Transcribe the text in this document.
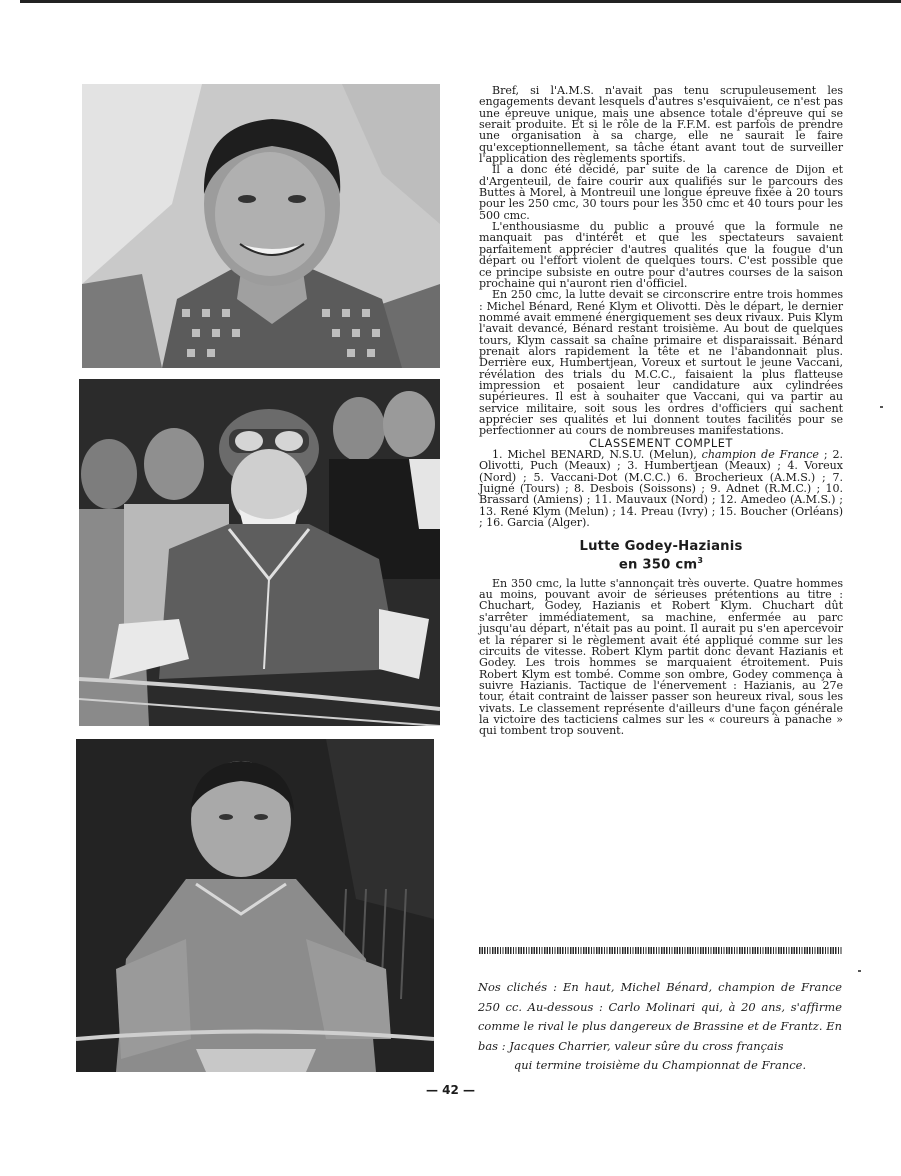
Bref, si l'A.M.S. n'avait pas tenu scrupuleusement les engagements devant lesquels d'autres s'esquivaient, ce n'est pas une épreuve unique, mais une absence totale d'épreuve qui se serait produite. Et si le rôle de la F.F.M. est parfois de prendre une organisation à sa charge, elle ne saurait le faire qu'exceptionnellement, sa tâche étant avant tout de surveiller l'application des règlements sportifs.

Il a donc été décidé, par suite de la carence de Dijon et d'Argenteuil, de faire courir aux qualifiés sur le parcours des Buttes à Morel, à Montreuil une longue épreuve fixée à 20 tours pour les 250 cmc, 30 tours pour les 350 cmc et 40 tours pour les 500 cmc.

L'enthousiasme du public a prouvé que la formule ne manquait pas d'intérêt et que les spectateurs savaient parfaitement apprécier d'autres qualités que la fougue d'un départ ou l'effort violent de quelques tours. C'est possible que ce principe subsiste en outre pour d'autres courses de la saison prochaine qui n'auront rien d'officiel.

En 250 cmc, la lutte devait se circonscrire entre trois hommes : Michel Bénard, René Klym et Olivotti. Dès le départ, le dernier nommé avait emmené énergiquement ses deux rivaux. Puis Klym l'avait devancé, Bénard restant troisième. Au bout de quelques tours, Klym cassait sa chaîne primaire et disparaissait. Bénard prenait alors rapidement la tête et ne l'abandonnait plus. Derrière eux, Humbertjean, Voreux et surtout le jeune Vaccani, révélation des trials du M.C.C., faisaient la plus flatteuse impression et posaient leur candidature aux cylindrées supérieures. Il est à souhaiter que Vaccani, qui va partir au service militaire, soit sous les ordres d'officiers qui sachent apprécier ses qualités et lui donnent toutes facilités pour se perfectionner au cours de nombreuses manifestations.

CLASSEMENT COMPLET

1. Michel BENARD, N.S.U. (Melun), champion de France ; 2. Olivotti, Puch (Meaux) ; 3. Humbertjean (Meaux) ; 4. Voreux (Nord) ; 5. Vaccani-Dot (M.C.C.) 6. Brocherieux (A.M.S.) ; 7. Juigné (Tours) ; 8. Desbois (Soissons) ; 9. Adnet (R.M.C.) ; 10. Brassard (Amiens) ; 11. Mauvaux (Nord) ; 12. Amedeo (A.M.S.) ; 13. René Klym (Melun) ; 14. Preau (Ivry) ; 15. Boucher (Orléans) ; 16. Garcia (Alger).

Lutte Godey-Hazianis
en 350 $cm^3$

En 350 cmc, la lutte s'annonçait très ouverte. Quatre hommes au moins, pouvant avoir de sérieuses prétentions au titre : Chuchart, Godey, Hazianis et Robert Klym. Chuchart dût s'arrêter immédiatement, sa machine, enfermée au parc jusqu'au départ, n'était pas au point. Il aurait pu s'en apercevoir et la réparer si le règlement avait été appliqué comme sur les circuits de vitesse. Robert Klym partit donc devant Hazianis et Godey. Les trois hommes se marquaient étroitement. Puis Robert Klym est tombé. Comme son ombre, Godey commença à suivre Hazianis. Tactique de l'énervement : Hazianis, au 27e tour, était contraint de laisser passer son heureux rival, sous les vivats. Le classement représente d'ailleurs d'une façon générale la victoire des tacticiens calmes sur les « coureurs à panache » qui tombent trop souvent.

Nos clichés : En haut, Michel Bénard, champion de France 250 cc. Au-dessous : Carlo Molinari qui, à 20 ans, s'affirme comme le rival le plus dangereux de Brassine et de Frantz. En bas : Jacques Charrier, valeur sûre du cross français
qui termine troisième du Championnat de France.
— 42 —
